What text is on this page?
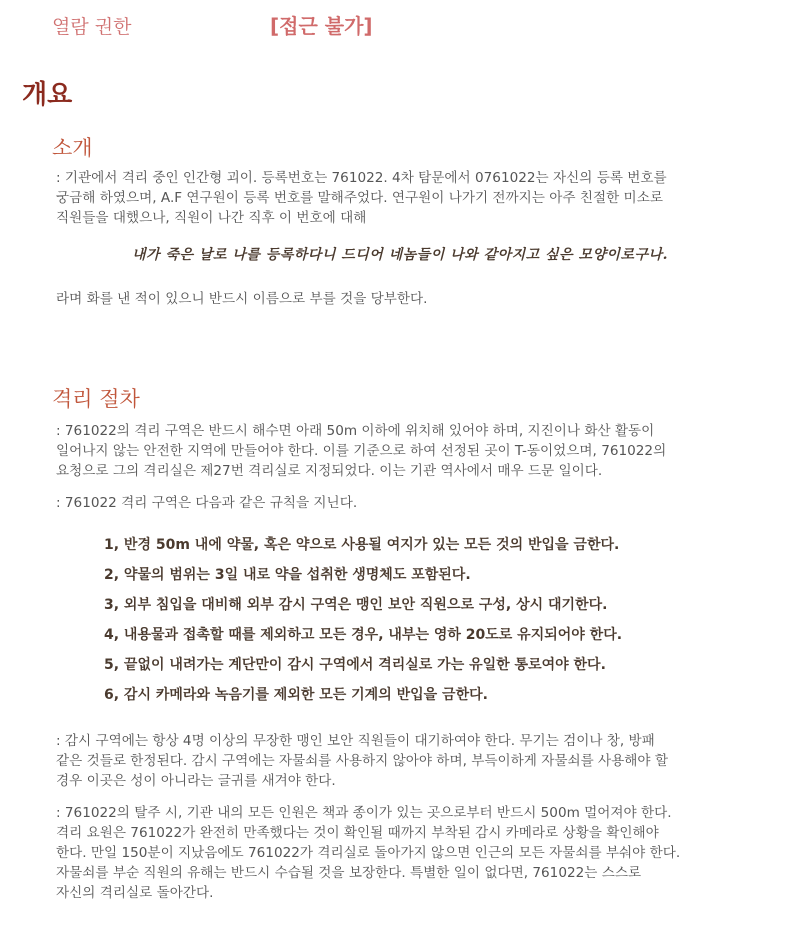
열람 권한	[접근 불가]
개요
소개
: 기관에서 격리 중인 인간형 괴이. 등록번호는 761022. 4차 탐문에서 0761022는 자신의 등록 번호를
궁금해 하였으며, A.F 연구원이 등록 번호를 말해주었다. 연구원이 나가기 전까지는 아주 친절한 미소로
직원들을 대했으나, 직원이 나간 직후 이 번호에 대해
내가 죽은 날로 나를 등록하다니 드디어 네놈들이 나와 같아지고 싶은 모양이로구나.
라며 화를 낸 적이 있으니 반드시 이름으로 부를 것을 당부한다.
격리 절차
: 761022의 격리 구역은 반드시 해수면 아래 50m 이하에 위치해 있어야 하며, 지진이나 화산 활동이
일어나지 않는 안전한 지역에 만들어야 한다. 이를 기준으로 하여 선정된 곳이 T-동이었으며, 761022의
요청으로 그의 격리실은 제27번 격리실로 지정되었다. 이는 기관 역사에서 매우 드문 일이다.
: 761022 격리 구역은 다음과 같은 규칙을 지닌다.
1, 반경 50m 내에 약물, 혹은 약으로 사용될 여지가 있는 모든 것의 반입을 금한다.
2, 약물의 범위는 3일 내로 약을 섭취한 생명체도 포함된다.
3, 외부 침입을 대비해 외부 감시 구역은 맹인 보안 직원으로 구성, 상시 대기한다.
4, 내용물과 접촉할 때를 제외하고 모든 경우, 내부는 영하 20도로 유지되어야 한다.
5, 끝없이 내려가는 계단만이 감시 구역에서 격리실로 가는 유일한 통로여야 한다.
6, 감시 카메라와 녹음기를 제외한 모든 기계의 반입을 금한다.
: 감시 구역에는 항상 4명 이상의 무장한 맹인 보안 직원들이 대기하여야 한다. 무기는 검이나 창, 방패
같은 것들로 한정된다. 감시 구역에는 자물쇠를 사용하지 않아야 하며, 부득이하게 자물쇠를 사용해야 할
경우 이곳은 성이 아니라는 글귀를 새겨야 한다.
: 761022의 탈주 시, 기관 내의 모든 인원은 책과 종이가 있는 곳으로부터 반드시 500m 멀어져야 한다.
격리 요원은 761022가 완전히 만족했다는 것이 확인될 때까지 부착된 감시 카메라로 상황을 확인해야
한다. 만일 150분이 지났음에도 761022가 격리실로 돌아가지 않으면 인근의 모든 자물쇠를 부숴야 한다.
자물쇠를 부순 직원의 유해는 반드시 수습될 것을 보장한다. 특별한 일이 없다면, 761022는 스스로
자신의 격리실로 돌아간다.
